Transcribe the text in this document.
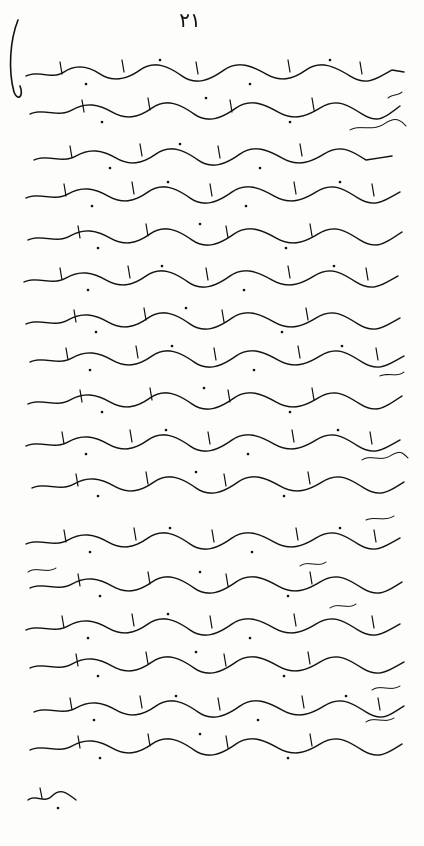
٢١
